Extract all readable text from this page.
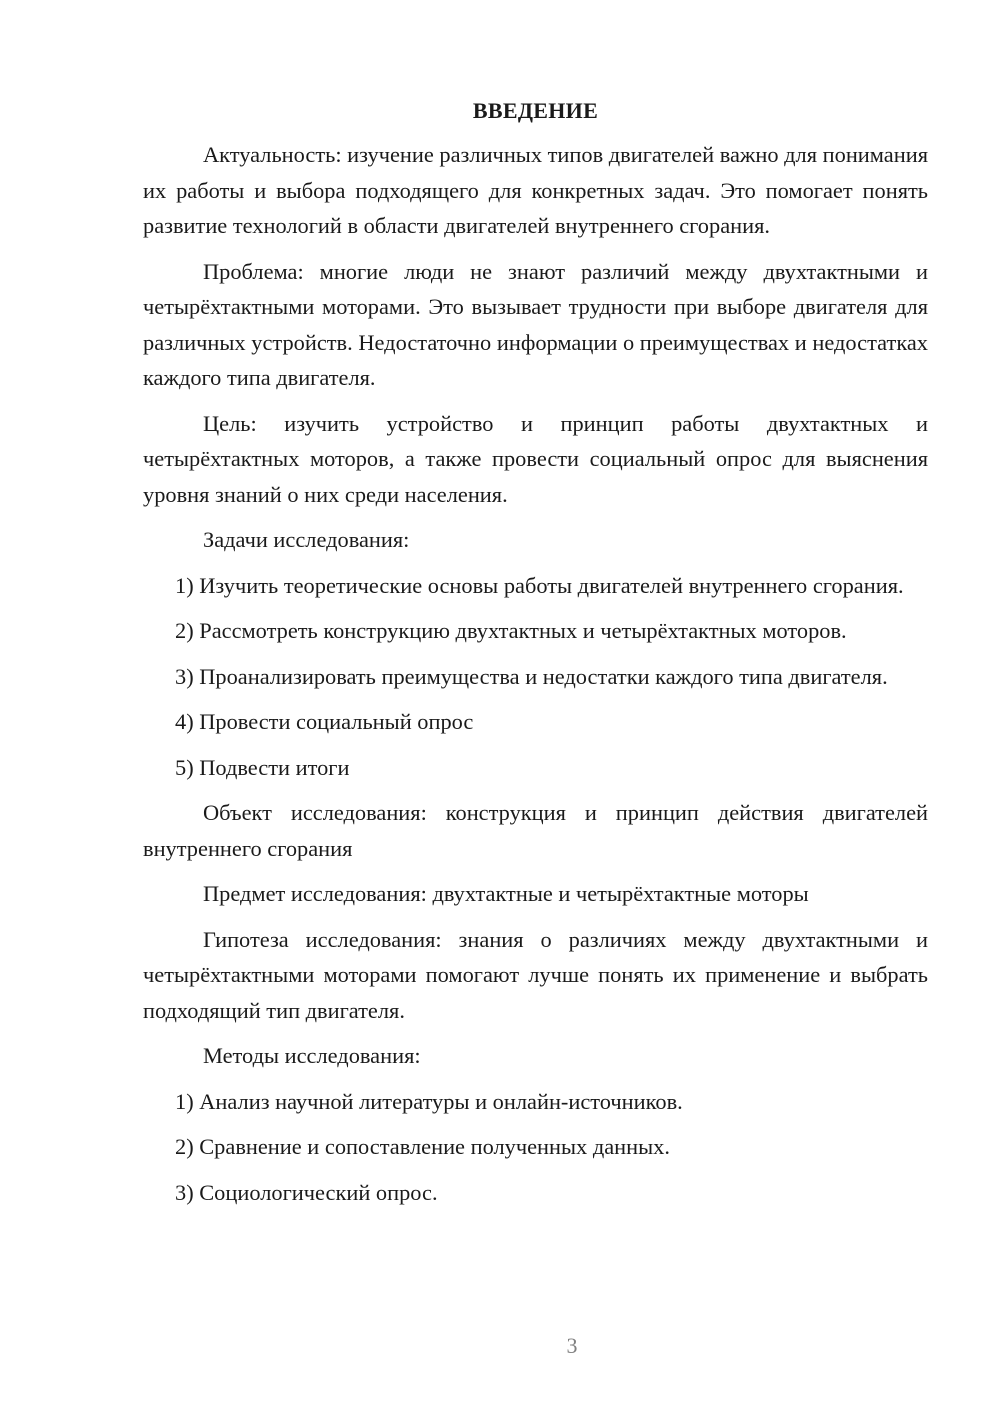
ВВЕДЕНИЕ

Актуальность: изучение различных типов двигателей важно для понимания их работы и выбора подходящего для конкретных задач. Это помогает понять развитие технологий в области двигателей внутреннего сгорания.

Проблема: многие люди не знают различий между двухтактными и четырёхтактными моторами. Это вызывает трудности при выборе двигателя для различных устройств. Недостаточно информации о преимуществах и недостатках каждого типа двигателя.

Цель: изучить устройство и принцип работы двухтактных и четырёхтактных моторов, а также провести социальный опрос для выяснения уровня знаний о них среди населения.

Задачи исследования:

1) Изучить теоретические основы работы двигателей внутреннего сгорания.

2) Рассмотреть конструкцию двухтактных и четырёхтактных моторов.

3) Проанализировать преимущества и недостатки каждого типа двигателя.

4) Провести социальный опрос

5) Подвести итоги

Объект исследования: конструкция и принцип действия двигателей внутреннего сгорания

Предмет исследования: двухтактные и четырёхтактные моторы

Гипотеза исследования: знания о различиях между двухтактными и четырёхтактными моторами помогают лучше понять их применение и выбрать подходящий тип двигателя.

Методы исследования:

1) Анализ научной литературы и онлайн-источников.

2) Сравнение и сопоставление полученных данных.

3) Социологический опрос.

3
